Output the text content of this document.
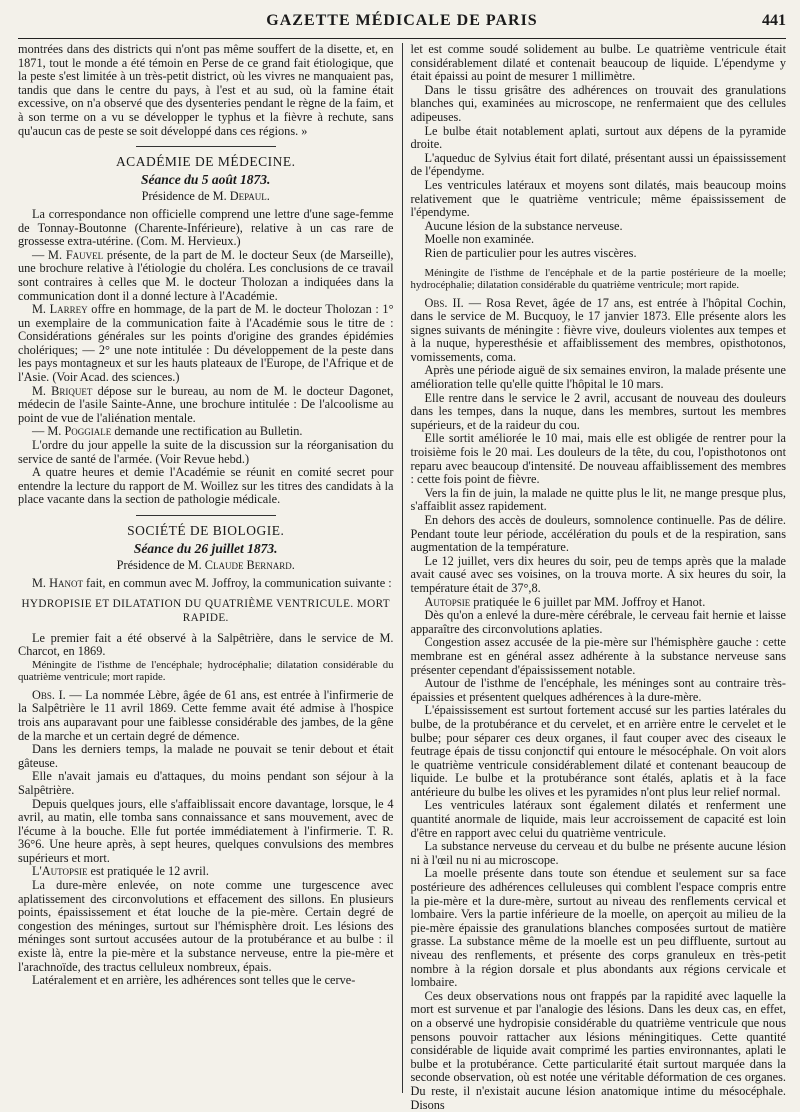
GAZETTE MÉDICALE DE PARIS	441

montrées dans des districts qui n'ont pas même souffert de la disette, et, en 1871, tout le monde a été témoin en Perse de ce grand fait étiologique, que la peste s'est limitée à un très-petit district, où les vivres ne manquaient pas, tandis que dans le centre du pays, à l'est et au sud, où la famine était excessive, on n'a observé que des dysenteries pendant le règne de la faim, et à son terme on a vu se développer le typhus et la fièvre à rechute, sans qu'aucun cas de peste se soit développé dans ces régions. »

ACADÉMIE DE MÉDECINE.
Séance du 5 août 1873.

Présidence de M. Depaul.

La correspondance non officielle comprend une lettre d'une sage-femme de Tonnay-Boutonne (Charente-Inférieure), relative à un cas rare de grossesse extra-utérine. (Com. M. Hervieux.)

— M. Fauvel présente, de la part de M. le docteur Seux (de Marseille), une brochure relative à l'étiologie du choléra. Les conclusions de ce travail sont contraires à celles que M. le docteur Tholozan a indiquées dans la communication dont il a donné lecture à l'Académie.

M. Larrey offre en hommage, de la part de M. le docteur Tholozan : 1° un exemplaire de la communication faite à l'Académie sous le titre de : Considérations générales sur les points d'origine des grandes épidémies cholériques; — 2° une note intitulée : Du développement de la peste dans les pays montagneux et sur les hauts plateaux de l'Europe, de l'Afrique et de l'Asie. (Voir Acad. des sciences.)

M. Briquet dépose sur le bureau, au nom de M. le docteur Dagonet, médecin de l'asile Sainte-Anne, une brochure intitulée : De l'alcoolisme au point de vue de l'aliénation mentale.

— M. Poggiale demande une rectification au Bulletin.

L'ordre du jour appelle la suite de la discussion sur la réorganisation du service de santé de l'armée. (Voir Revue hebd.)

A quatre heures et demie l'Académie se réunit en comité secret pour entendre la lecture du rapport de M. Woillez sur les titres des candidats à la place vacante dans la section de pathologie médicale.

SOCIÉTÉ DE BIOLOGIE.
Séance du 26 juillet 1873.

Présidence de M. Claude Bernard.

M. Hanot fait, en commun avec M. Joffroy, la communication suivante :

HYDROPISIE ET DILATATION DU QUATRIÈME VENTRICULE. MORT RAPIDE.

Le premier fait a été observé à la Salpêtrière, dans le service de M. Charcot, en 1869.

Méningite de l'isthme de l'encéphale; hydrocéphalie; dilatation considérable du quatrième ventricule; mort rapide.

Obs. I. — La nommée Lèbre, âgée de 61 ans, est entrée à l'infirmerie de la Salpêtrière le 11 avril 1869. Cette femme avait été admise à l'hospice trois ans auparavant pour une faiblesse considérable des jambes, de la gêne de la marche et un certain degré de démence.

Dans les derniers temps, la malade ne pouvait se tenir debout et était gâteuse.

Elle n'avait jamais eu d'attaques, du moins pendant son séjour à la Salpêtrière.

Depuis quelques jours, elle s'affaiblissait encore davantage, lorsque, le 4 avril, au matin, elle tomba sans connaissance et sans mouvement, avec de l'écume à la bouche. Elle fut portée immédiatement à l'infirmerie. T. R. 36°6. Une heure après, à sept heures, quelques convulsions des membres supérieurs et mort.

L'Autopsie est pratiquée le 12 avril.

La dure-mère enlevée, on note comme une turgescence avec aplatissement des circonvolutions et effacement des sillons. En plusieurs points, épaississement et état louche de la pie-mère. Certain degré de congestion des méninges, surtout sur l'hémisphère droit. Les lésions des méninges sont surtout accusées autour de la protubérance et au bulbe : il existe là, entre la pie-mère et la substance nerveuse, entre la pie-mère et l'arachnoïde, des tractus celluleux nombreux, épais.

Latéralement et en arrière, les adhérences sont telles que le cerve-

let est comme soudé solidement au bulbe. Le quatrième ventricule était considérablement dilaté et contenait beaucoup de liquide. L'épendyme y était épaissi au point de mesurer 1 millimètre.

Dans le tissu grisâtre des adhérences on trouvait des granulations blanches qui, examinées au microscope, ne renfermaient que des cellules adipeuses.

Le bulbe était notablement aplati, surtout aux dépens de la pyramide droite.

L'aqueduc de Sylvius était fort dilaté, présentant aussi un épaississement de l'épendyme.

Les ventricules latéraux et moyens sont dilatés, mais beaucoup moins relativement que le quatrième ventricule; même épaississement de l'épendyme.

Aucune lésion de la substance nerveuse.

Moelle non examinée.

Rien de particulier pour les autres viscères.

Méningite de l'isthme de l'encéphale et de la partie postérieure de la moelle; hydrocéphalie; dilatation considérable du quatrième ventricule; mort rapide.

Obs. II. — Rosa Revet, âgée de 17 ans, est entrée à l'hôpital Cochin, dans le service de M. Bucquoy, le 17 janvier 1873. Elle présente alors les signes suivants de méningite : fièvre vive, douleurs violentes aux tempes et à la nuque, hyperesthésie et affaiblissement des membres, opisthotonos, vomissements, coma.

Après une période aiguë de six semaines environ, la malade présente une amélioration telle qu'elle quitte l'hôpital le 10 mars.

Elle rentre dans le service le 2 avril, accusant de nouveau des douleurs dans les tempes, dans la nuque, dans les membres, surtout les membres supérieurs, et de la raideur du cou.

Elle sortit améliorée le 10 mai, mais elle est obligée de rentrer pour la troisième fois le 20 mai. Les douleurs de la tête, du cou, l'opisthotonos ont reparu avec beaucoup d'intensité. De nouveau affaiblissement des membres : cette fois point de fièvre.

Vers la fin de juin, la malade ne quitte plus le lit, ne mange presque plus, s'affaiblit assez rapidement.

En dehors des accès de douleurs, somnolence continuelle. Pas de délire. Pendant toute leur période, accélération du pouls et de la respiration, sans augmentation de la température.

Le 12 juillet, vers dix heures du soir, peu de temps après que la malade avait causé avec ses voisines, on la trouva morte. A six heures du soir, la température était de 37°,8.

Autopsie pratiquée le 6 juillet par MM. Joffroy et Hanot.

Dès qu'on a enlevé la dure-mère cérébrale, le cerveau fait hernie et laisse apparaître des circonvolutions aplaties.

Congestion assez accusée de la pie-mère sur l'hémisphère gauche : cette membrane est en général assez adhérente à la substance nerveuse sans présenter cependant d'épaississement notable.

Autour de l'isthme de l'encéphale, les méninges sont au contraire très-épaissies et présentent quelques adhérences à la dure-mère.

L'épaississement est surtout fortement accusé sur les parties latérales du bulbe, de la protubérance et du cervelet, et en arrière entre le cervelet et le bulbe; pour séparer ces deux organes, il faut couper avec des ciseaux le feutrage épais de tissu conjonctif qui entoure le mésocéphale. On voit alors le quatrième ventricule considérablement dilaté et contenant beaucoup de liquide. Le bulbe et la protubérance sont étalés, aplatis et à la face antérieure du bulbe les olives et les pyramides n'ont plus leur relief normal.

Les ventricules latéraux sont également dilatés et renferment une quantité anormale de liquide, mais leur accroissement de capacité est loin d'être en rapport avec celui du quatrième ventricule.

La substance nerveuse du cerveau et du bulbe ne présente aucune lésion ni à l'œil nu ni au microscope.

La moelle présente dans toute son étendue et seulement sur sa face postérieure des adhérences celluleuses qui comblent l'espace compris entre la pie-mère et la dure-mère, surtout au niveau des renflements cervical et lombaire. Vers la partie inférieure de la moelle, on aperçoit au milieu de la pie-mère épaissie des granulations blanches composées surtout de matière grasse. La substance même de la moelle est un peu diffluente, surtout au niveau des renflements, et présente des corps granuleux en très-petit nombre à la région dorsale et plus abondants aux régions cervicale et lombaire.

Ces deux observations nous ont frappés par la rapidité avec laquelle la mort est survenue et par l'analogie des lésions. Dans les deux cas, en effet, on a observé une hydropisie considérable du quatrième ventricule que nous pensons pouvoir rattacher aux lésions méningitiques. Cette quantité considérable de liquide avait comprimé les parties environnantes, aplati le bulbe et la protubérance. Cette particularité était surtout marquée dans la seconde observation, où est notée une véritable déformation de ces organes. Du reste, il n'existait aucune lésion anatomique intime du mésocéphale. Disons
